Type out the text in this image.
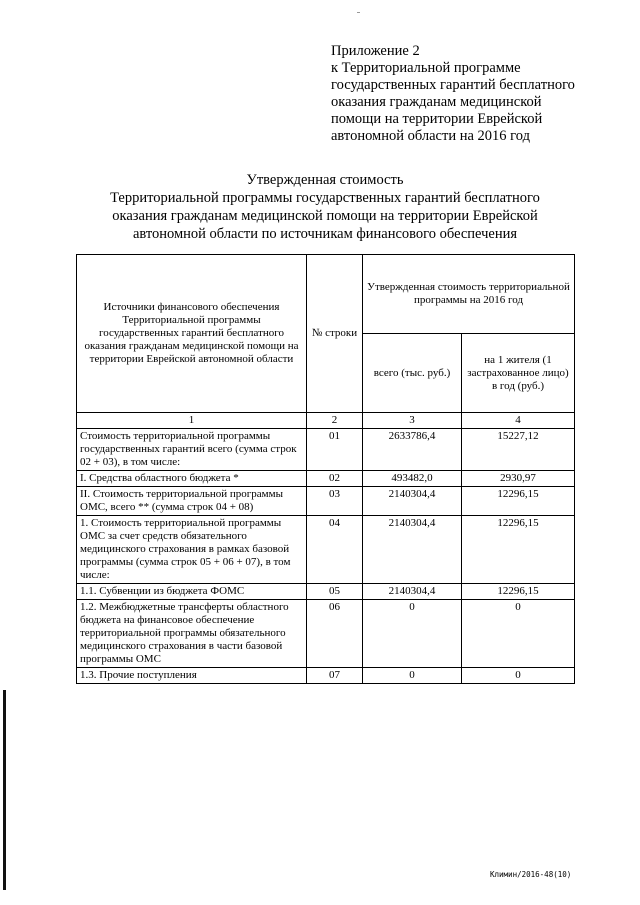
Приложение 2
к Территориальной программе
государственных гарантий бесплатного
оказания гражданам медицинской
помощи на территории Еврейской
автономной области на 2016 год
Утвержденная стоимость
Территориальной программы государственных гарантий бесплатного
оказания гражданам медицинской помощи на территории Еврейской
автономной области по источникам финансового обеспечения
Источники финансового обеспечения Территориальной программы государственных гарантий бесплатного оказания гражданам медицинской помощи на территории Еврейской автономной области	№ строки	Утвержденная стоимость территориальной программы на 2016 год	
		всего (тыс. руб.)	на 1 жителя (1 застрахованное лицо) в год (руб.)
1	2	3	4
Стоимость территориальной программы государственных гарантий всего (сумма строк 02 + 03), в том числе:	01	2633786,4	15227,12
I. Средства областного бюджета *	02	493482,0	2930,97
II. Стоимость территориальной программы ОМС, всего ** (сумма строк 04 + 08)	03	2140304,4	12296,15
1. Стоимость территориальной программы ОМС за счет средств обязательного медицинского страхования в рамках базовой программы (сумма строк 05 + 06 + 07), в том числе:	04	2140304,4	12296,15
1.1. Субвенции из бюджета ФОМС	05	2140304,4	12296,15
1.2. Межбюджетные трансферты областного бюджета на финансовое обеспечение территориальной программы обязательного медицинского страхования в части базовой программы ОМС	06	0	0
1.3. Прочие поступления	07	0	0
Климин/2016-48(10)
